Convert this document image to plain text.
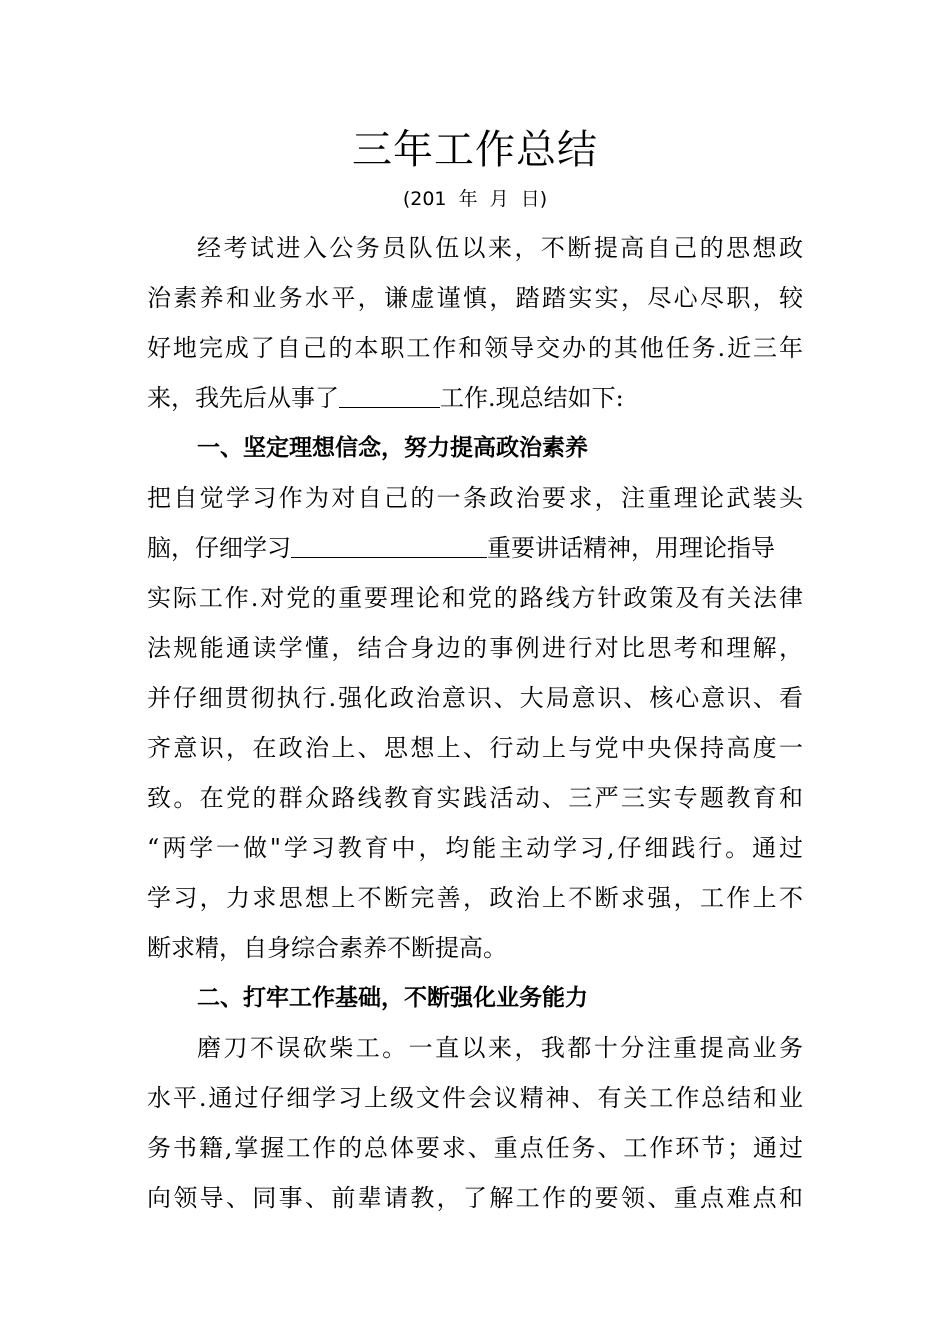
三年工作总结
(201  年  月  日)
经考试进入公务员队伍以来，不断提高自己的思想政
治素养和业务水平，谦虚谨慎，踏踏实实，尽心尽职，较
好地完成了自己的本职工作和领导交办的其他任务.近三年
来，我先后从事了	工作.现总结如下:
一、坚定理想信念，努力提高政治素养
把自觉学习作为对自己的一条政治要求，注重理论武装头
脑，仔细学习	重要讲话精神，用理论指导
实际工作.对党的重要理论和党的路线方针政策及有关法律
法规能通读学懂，结合身边的事例进行对比思考和理解，
并仔细贯彻执行.强化政治意识、大局意识、核心意识、看
齐意识，在政治上、思想上、行动上与党中央保持高度一
致。在党的群众路线教育实践活动、三严三实专题教育和
“两学一做"学习教育中，均能主动学习,仔细践行。通过
学习，力求思想上不断完善，政治上不断求强，工作上不
断求精，自身综合素养不断提高。
二、打牢工作基础，不断强化业务能力
磨刀不误砍柴工。一直以来，我都十分注重提高业务
水平.通过仔细学习上级文件会议精神、有关工作总结和业
务书籍,掌握工作的总体要求、重点任务、工作环节；通过
向领导、同事、前辈请教，了解工作的要领、重点难点和
